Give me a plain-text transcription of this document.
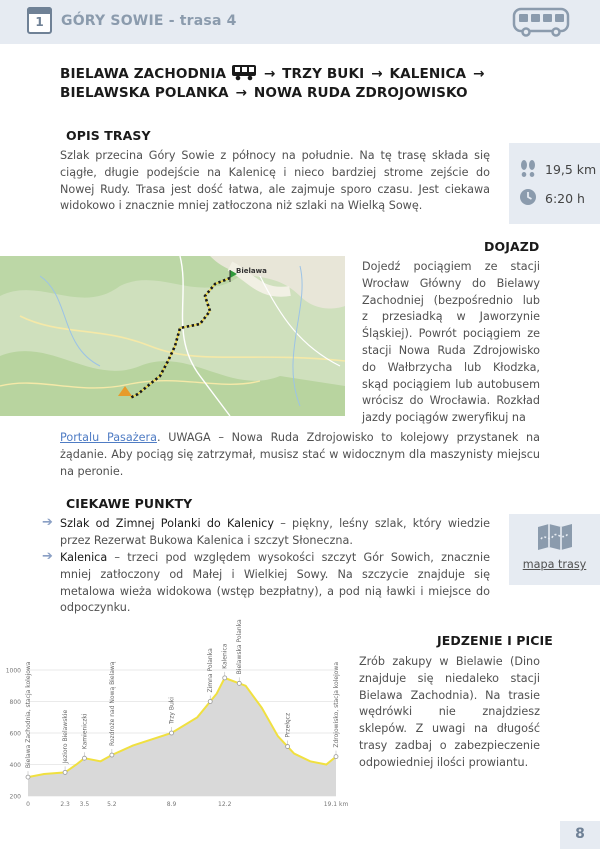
1	GÓRY SOWIE - trasa 4
BIELAWA ZACHODNIA	→ TRZY BUKI → KALENICA → BIELAWSKA POLANKA → NOWA RUDA ZDROJOWISKO
OPIS TRASY
Szlak przecina Góry Sowie z północy na południe. Na tę trasę składa się
ciągłe, długie podejście na Kalenicę i nieco bardziej strome zejście do
Nowej Rudy. Trasa jest dość łatwa, ale zajmuje sporo czasu. Jest ciekawa
widokowo i znacznie mniej zatłoczona niż szlaki na Wielką Sowę.
19,5 km
6:20 h
DOJAZD
Bielawa	Dojedź pociągiem ze stacji
Wrocław Główny do Bielawy
Zachodniej (bezpośrednio lub
z przesiadką w Jaworzynie
Śląskiej). Powrót pociągiem ze
stacji Nowa Ruda Zdrojowisko
do Wałbrzycha lub Kłodzka,
skąd pociągiem lub autobusem
wrócisz do Wrocławia. Rozkład
jazdy pociągów zweryfikuj na
Portalu Pasażera. UWAGA – Nowa Ruda Zdrojowisko to kolejowy przystanek na
żądanie. Aby pociąg się zatrzymał, musisz stać w widocznym dla maszynisty miejscu
na peronie.
CIEKAWE PUNKTY
➔ Szlak od Zimnej Polanki do Kalenicy – piękny, leśny szlak, który wiedzie
przez Rezerwat Bukowa Kalenica i szczyt Słoneczna.
➔ Kalenica – trzeci pod względem wysokości szczyt Gór Sowich, znacznie
mniej zatłoczony od Małej i Wielkiej Sowy. Na szczycie znajduje się
metalowa wieża widokowa (wstęp bezpłatny), a pod nią ławki i miejsce do
odpoczynku.
mapa trasy
JEDZENIE I PICIE
Zrób zakupy w Bielawie (Dino
znajduje się niedaleko stacji
Bielawa Zachodnia). Na trasie
wędrówki nie znajdziesz
sklepów. Z uwagi na długość
trasy zadbaj o zabezpieczenie
odpowiedniej ilości prowiantu.
1000
800
600
400
200
Bielawa Zachodnia, stacja kolejowa	Jezioro Bielawskie Kamieniczki	Rozdroże nad Nową Bielawą	Trzy Buki
Zimna Polanka Kalenica Bielawska Polanka
Przełęcz	Zdrojowisko, stacja kolejowa
0	2.3 3.5	5.2	8.9	12.2	19.1 km
8
